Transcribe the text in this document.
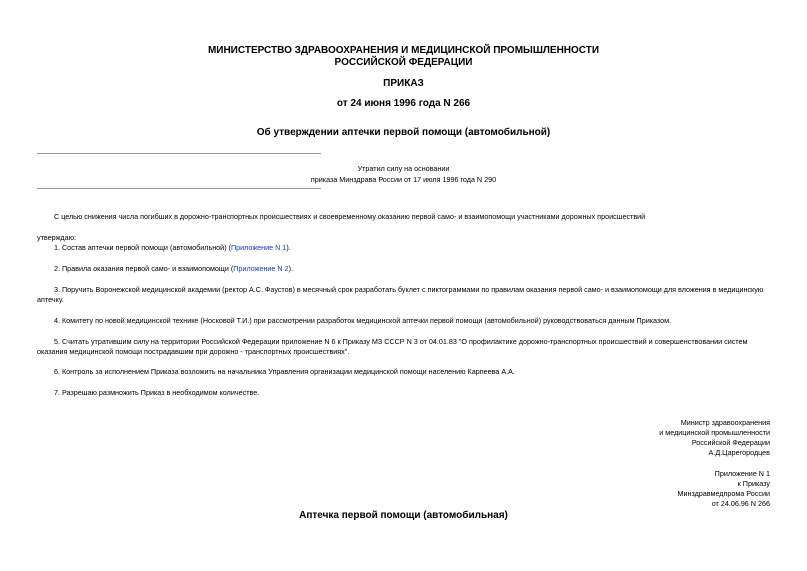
МИНИСТЕРСТВО ЗДРАВООХРАНЕНИЯ И МЕДИЦИНСКОЙ ПРОМЫШЛЕННОСТИ
РОССИЙСКОЙ ФЕДЕРАЦИИ
ПРИКАЗ
от 24 июня 1996 года N 266
Об утверждении аптечки первой помощи (автомобильной)
Утратил силу на основании
приказа Минздрава России от 17 июля 1996 года N 290
С целью снижения числа погибших в дорожно-транспортных происшествиях и своевременному оказанию первой само- и взаимопомощи участниками дорожных происшествий
утверждаю:
1. Состав аптечки первой помощи (автомобильной) (Приложение N 1).
2. Правила оказания первой само- и взаимопомощи (Приложение N 2).
3. Поручить Воронежской медицинской академии (ректор А.С. Фаустов) в месячный срок разработать буклет с пиктограммами по правилам оказания первой само- и взаимопомощи для вложения в медицинскую аптечку.
4. Комитету по новой медицинской технике (Носковой Т.И.) при рассмотрении разработок медицинской аптечки первой помощи (автомобильной) руководствоваться данным Приказом.
5. Считать утратившим силу на территории Российской Федерации приложение N 6 к Приказу МЗ СССР N 3 от 04.01.83 "О профилактике дорожно-транспортных происшествий и совершенствовании систем оказания медицинской помощи пострадавшим при дорожно - транспортных происшествиях".
6. Контроль за исполнением Приказа возложить на начальника Управления организации медицинской помощи населению Карпеева А.А.
7. Разрешаю размножить Приказ в необходимом количестве.
Министр здравоохранения
и медицинской промышленности
Российской Федерации
А.Д.Царегородцев
Приложение N 1
к Приказу
Минздравмедпрома России
от 24.06.96 N 266
Аптечка первой помощи (автомобильная)
